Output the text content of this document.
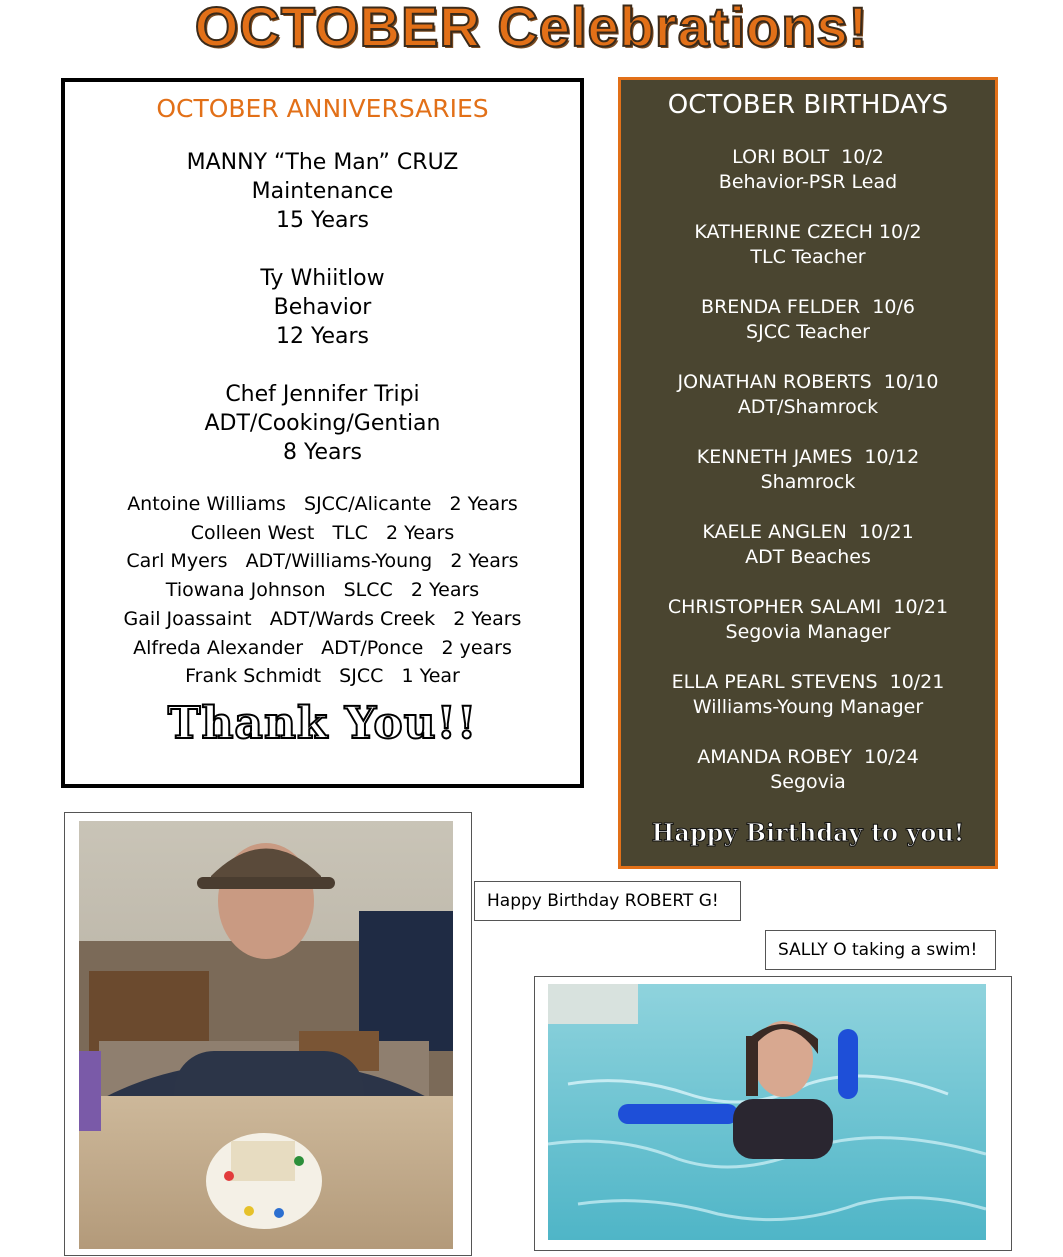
OCTOBER Celebrations!
OCTOBER ANNIVERSARIES
MANNY “The Man” CRUZ
Maintenance
15 Years
Ty Whiitlow
Behavior
12 Years
Chef Jennifer Tripi
ADT/Cooking/Gentian
8 Years
Antoine Williams   SJCC/Alicante   2 Years
Colleen West   TLC   2 Years
Carl Myers   ADT/Williams-Young   2 Years
Tiowana Johnson   SLCC   2 Years
Gail Joassaint   ADT/Wards Creek   2 Years
Alfreda Alexander   ADT/Ponce   2 years
Frank Schmidt   SJCC   1 Year
Thank You!!
OCTOBER BIRTHDAYS
LORI BOLT  10/2
Behavior-PSR Lead
KATHERINE CZECH 10/2
TLC Teacher
BRENDA FELDER  10/6
SJCC Teacher
JONATHAN ROBERTS  10/10
ADT/Shamrock
KENNETH JAMES  10/12
Shamrock
KAELE ANGLEN  10/21
ADT Beaches
CHRISTOPHER SALAMI  10/21
Segovia Manager
ELLA PEARL STEVENS  10/21
Williams-Young Manager
AMANDA ROBEY  10/24
Segovia
Happy Birthday to you!
Happy Birthday ROBERT G!
SALLY O taking a swim!
